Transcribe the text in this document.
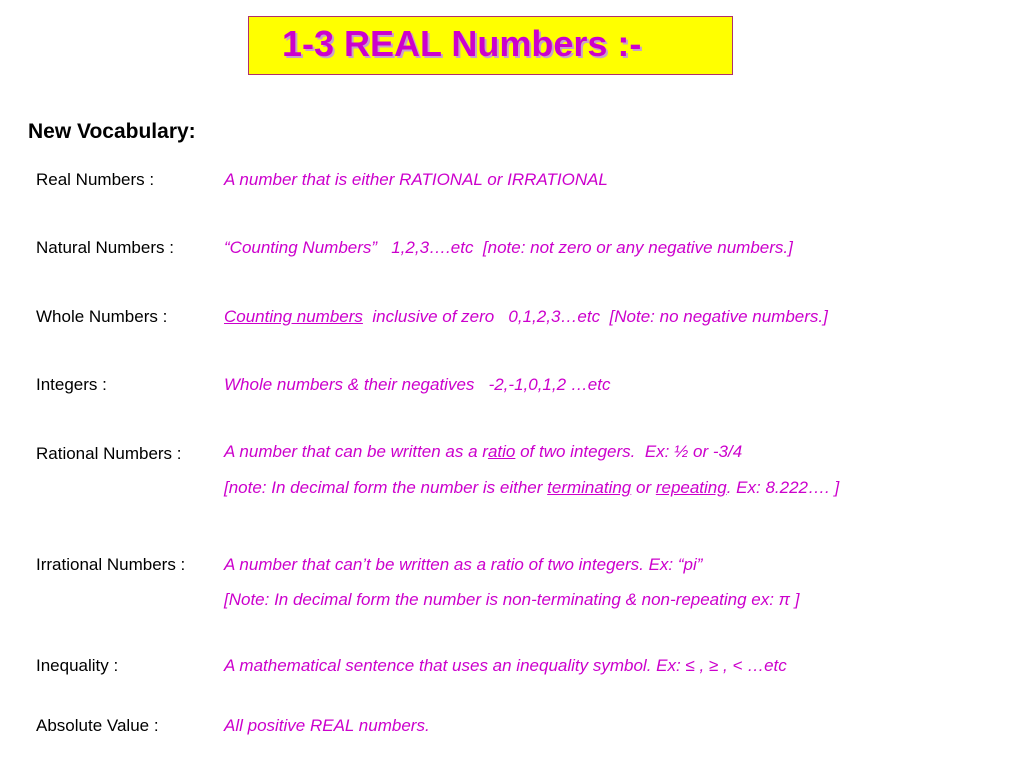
1-3 REAL Numbers :-
New Vocabulary:
Real Numbers :	A number that is either RATIONAL or IRRATIONAL
Natural Numbers :	“Counting Numbers”   1,2,3….etc  [note: not zero or any negative numbers.]
Whole Numbers :	Counting numbers  inclusive of zero   0,1,2,3…etc  [Note: no negative numbers.]
Integers :	Whole numbers & their negatives   -2,-1,0,1,2 …etc
Rational Numbers : A number that can be written as a ratio of two integers.  Ex: ½ or -3/4
[note: In decimal form the number is either terminating or repeating. Ex: 8.222…. ]
Irrational Numbers : A number that can’t be written as a ratio of two integers. Ex: “pi”
[Note: In decimal form the number is non-terminating & non-repeating ex: π ]
Inequality :	A mathematical sentence that uses an inequality symbol. Ex: ≤ , ≥ , < …etc
Absolute Value :	All positive REAL numbers.
